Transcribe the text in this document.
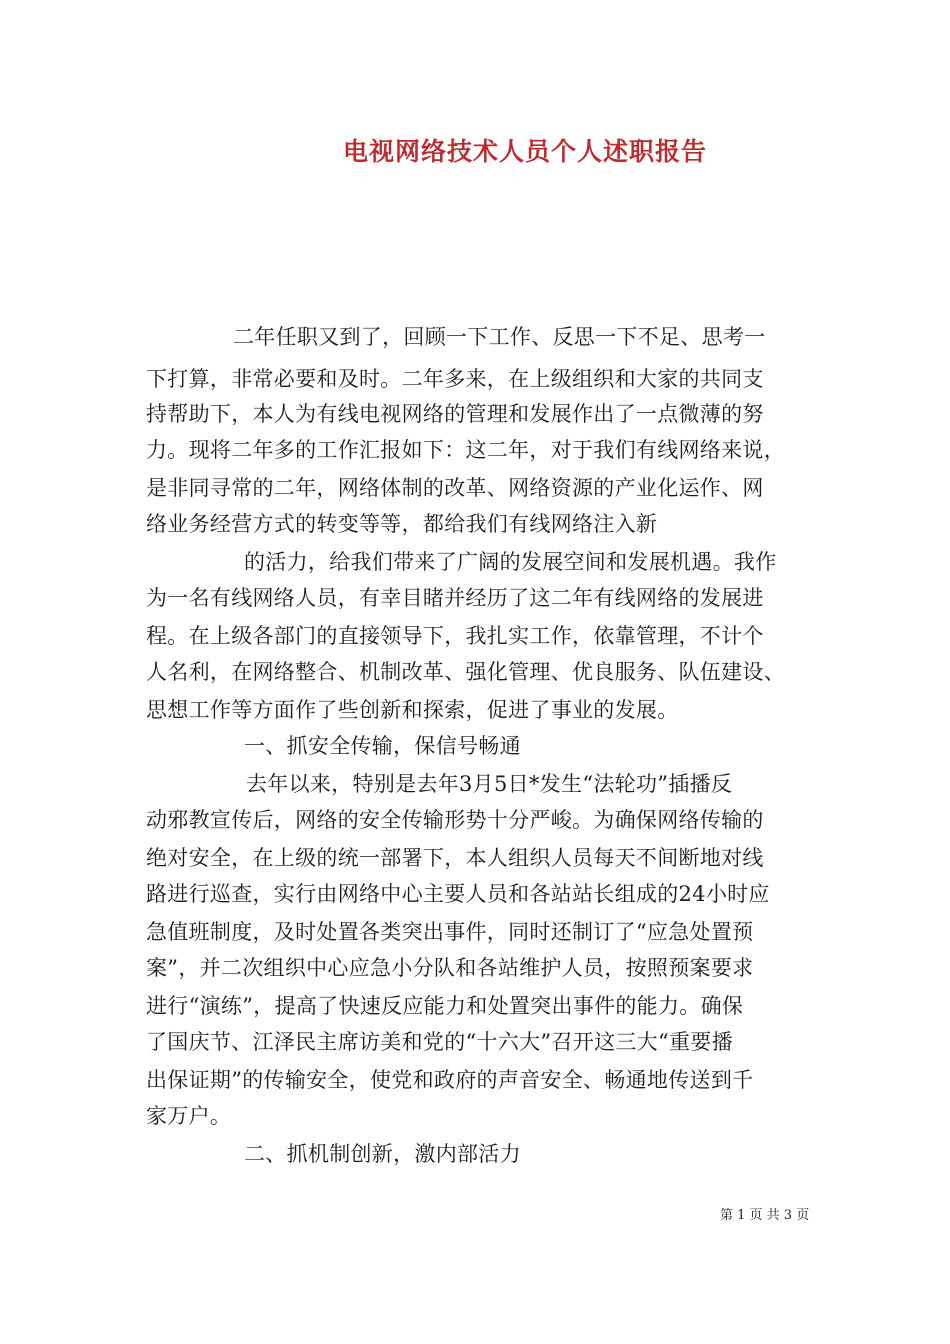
电视网络技术人员个人述职报告
二年任职又到了，回顾一下工作、反思一下不足、思考一
下打算，非常必要和及时。二年多来，在上级组织和大家的共同支
持帮助下，本人为有线电视网络的管理和发展作出了一点微薄的努
力。现将二年多的工作汇报如下：这二年，对于我们有线网络来说，
是非同寻常的二年，网络体制的改革、网络资源的产业化运作、网
络业务经营方式的转变等等，都给我们有线网络注入新
的活力，给我们带来了广阔的发展空间和发展机遇。我作
为一名有线网络人员，有幸目睹并经历了这二年有线网络的发展进
程。在上级各部门的直接领导下，我扎实工作，依靠管理，不计个
人名利，在网络整合、机制改革、强化管理、优良服务、队伍建设、
思想工作等方面作了些创新和探索，促进了事业的发展。
一、抓安全传输，保信号畅通
去年以来，特别是去年3月5日*发生“法轮功”插播反
动邪教宣传后，网络的安全传输形势十分严峻。为确保网络传输的
绝对安全，在上级的统一部署下，本人组织人员每天不间断地对线
路进行巡查，实行由网络中心主要人员和各站站长组成的24小时应
急值班制度，及时处置各类突出事件，同时还制订了“应急处置预
案”，并二次组织中心应急小分队和各站维护人员，按照预案要求
进行“演练”，提高了快速反应能力和处置突出事件的能力。确保
了国庆节、江泽民主席访美和党的“十六大”召开这三大“重要播
出保证期”的传输安全，使党和政府的声音安全、畅通地传送到千
家万户。
二、抓机制创新，激内部活力
第 1 页 共 3 页
